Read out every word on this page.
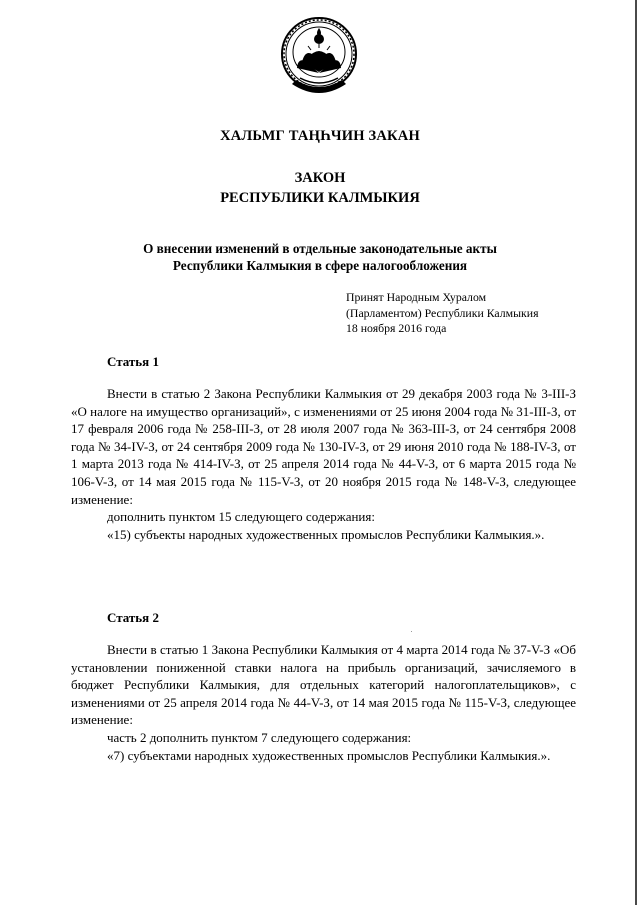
ХАЛЬМГ ТАҢҺЧИН ЗАКАН
ЗАКОН
РЕСПУБЛИКИ КАЛМЫКИЯ
О внесении изменений в отдельные законодательные акты
Республики Калмыкия в сфере налогообложения
Принят Народным Хуралом
(Парламентом) Республики Калмыкия
18 ноября 2016 года
Статья 1

Внести в статью 2 Закона Республики Калмыкия от 29 декабря 2003 года № 3-III-З «О налоге на имущество организаций», с изменениями от 25 июня 2004 года № 31-III-З, от 17 февраля 2006 года № 258-III-З, от 28 июля 2007 года № 363-III-З, от 24 сентября 2008 года № 34-IV-З, от 24 сентября 2009 года № 130-IV-З, от 29 июня 2010 года № 188-IV-З, от 1 марта 2013 года № 414-IV-З, от 25 апреля 2014 года № 44-V-З, от 6 марта 2015 года № 106-V-З, от 14 мая 2015 года № 115-V-З, от 20 ноября 2015 года № 148-V-З, следующее изменение:

дополнить пунктом 15 следующего содержания:

«15) субъекты народных художественных промыслов Республики Калмыкия.».

Статья 2

Внести в статью 1 Закона Республики Калмыкия от 4 марта 2014 года № 37-V-З «Об установлении пониженной ставки налога на прибыль организаций, зачисляемого в бюджет Республики Калмыкия, для отдельных категорий налогоплательщиков», с изменениями от 25 апреля 2014 года № 44-V-З, от 14 мая 2015 года № 115-V-З, следующее изменение:

часть 2 дополнить пунктом 7 следующего содержания:

«7) субъектами народных художественных промыслов Республики Калмыкия.».
